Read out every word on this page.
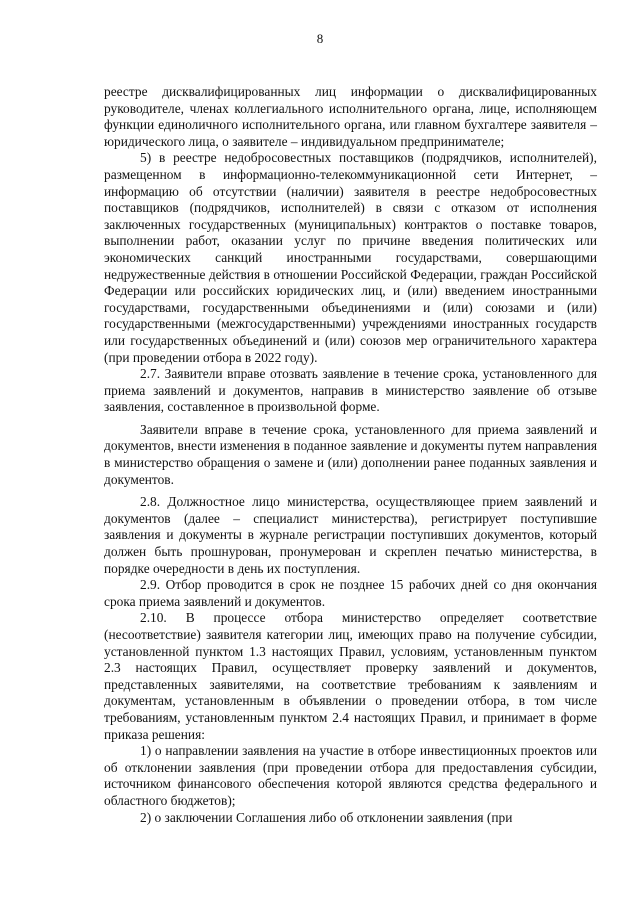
8

реестре дисквалифицированных лиц информации о дисквалифицированных руководителе, членах коллегиального исполнительного органа, лице, исполняющем функции единоличного исполнительного органа, или главном бухгалтере заявителя – юридического лица, о заявителе – индивидуальном предпринимателе;

5) в реестре недобросовестных поставщиков (подрядчиков, исполнителей), размещенном в информационно-телекоммуникационной сети Интернет, – информацию об отсутствии (наличии) заявителя в реестре недобросовестных поставщиков (подрядчиков, исполнителей) в связи с отказом от исполнения заключенных государственных (муниципальных) контрактов о поставке товаров, выполнении работ, оказании услуг по причине введения политических или экономических санкций иностранными государствами, совершающими недружественные действия в отношении Российской Федерации, граждан Российской Федерации или российских юридических лиц, и (или) введением иностранными государствами, государственными объединениями и (или) союзами и (или) государственными (межгосударственными) учреждениями иностранных государств или государственных объединений и (или) союзов мер ограничительного характера (при проведении отбора в 2022 году).

2.7. Заявители вправе отозвать заявление в течение срока, установленного для приема заявлений и документов, направив в министерство заявление об отзыве заявления, составленное в произвольной форме.

Заявители вправе в течение срока, установленного для приема заявлений и документов, внести изменения в поданное заявление и документы путем направления в министерство обращения о замене и (или) дополнении ранее поданных заявления и документов.

2.8. Должностное лицо министерства, осуществляющее прием заявлений и документов (далее – специалист министерства), регистрирует поступившие заявления и документы в журнале регистрации поступивших документов, который должен быть прошнурован, пронумерован и скреплен печатью министерства, в порядке очередности в день их поступления.

2.9. Отбор проводится в срок не позднее 15 рабочих дней со дня окончания срока приема заявлений и документов.

2.10. В процессе отбора министерство определяет соответствие (несоответствие) заявителя категории лиц, имеющих право на получение субсидии, установленной пунктом 1.3 настоящих Правил, условиям, установленным пунктом 2.3 настоящих Правил, осуществляет проверку заявлений и документов, представленных заявителями, на соответствие требованиям к заявлениям и документам, установленным в объявлении о проведении отбора, в том числе требованиям, установленным пунктом 2.4 настоящих Правил, и принимает в форме приказа решения:

1) о направлении заявления на участие в отборе инвестиционных проектов или об отклонении заявления (при проведении отбора для предоставления субсидии, источником финансового обеспечения которой являются средства федерального и областного бюджетов);

2) о заключении Соглашения либо об отклонении заявления (при
